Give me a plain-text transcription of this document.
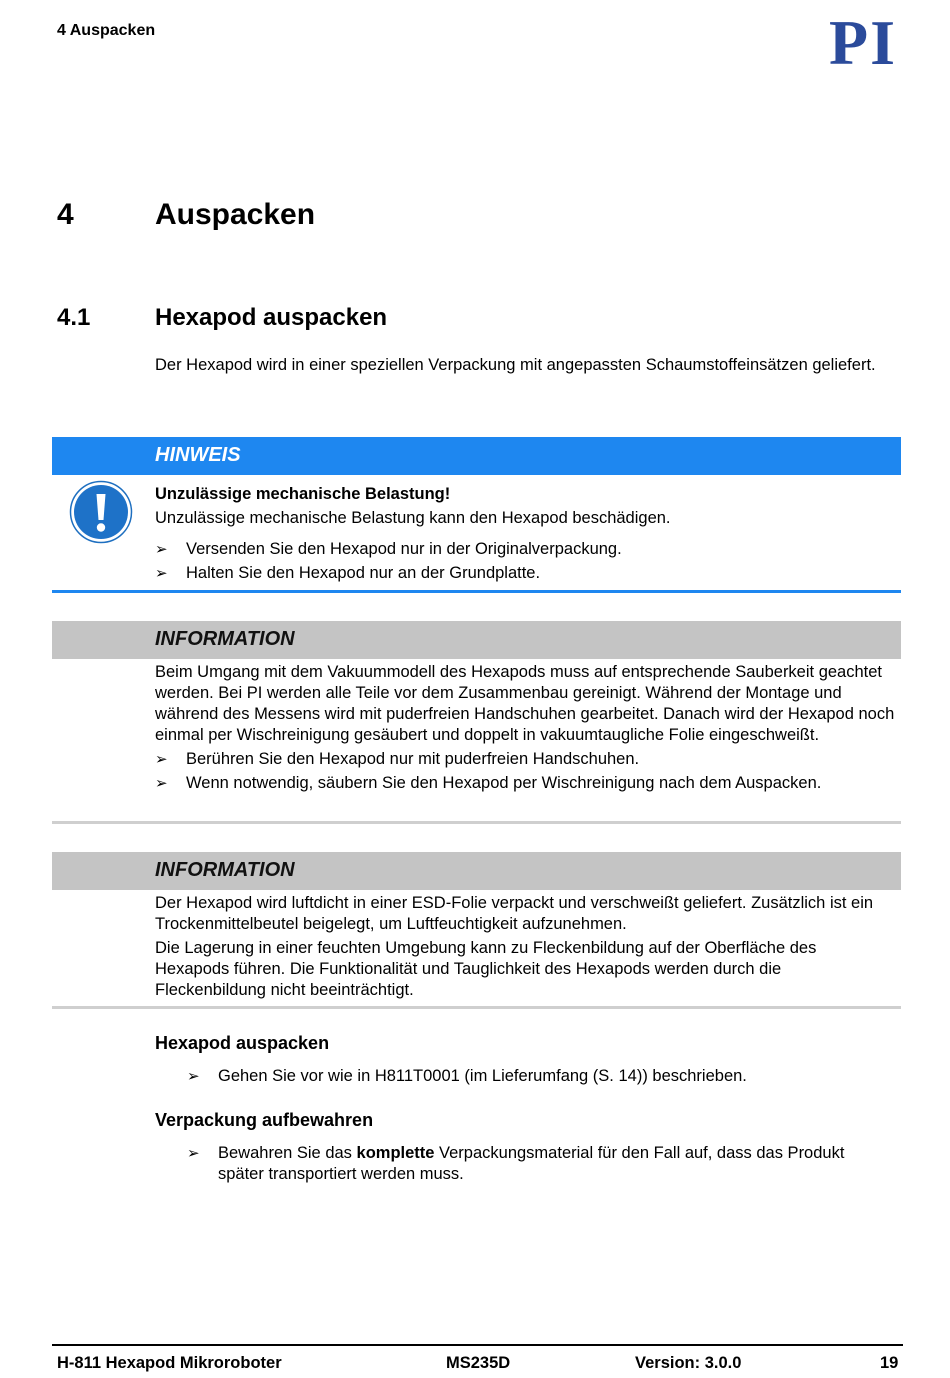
4 Auspacken	PI
4	Auspacken
4.1	Hexapod auspacken
Der Hexapod wird in einer speziellen Verpackung mit angepassten Schaumstoffeinsätzen geliefert.
HINWEIS
Unzulässige mechanische Belastung!
Unzulässige mechanische Belastung kann den Hexapod beschädigen.
➢	Versenden Sie den Hexapod nur in der Originalverpackung.
➢	Halten Sie den Hexapod nur an der Grundplatte.
INFORMATION
Beim Umgang mit dem Vakuummodell des Hexapods muss auf entsprechende Sauberkeit geachtet werden. Bei PI werden alle Teile vor dem Zusammenbau gereinigt. Während der Montage und während des Messens wird mit puderfreien Handschuhen gearbeitet. Danach wird der Hexapod noch einmal per Wischreinigung gesäubert und doppelt in vakuumtaugliche Folie eingeschweißt.
➢	Berühren Sie den Hexapod nur mit puderfreien Handschuhen.
➢	Wenn notwendig, säubern Sie den Hexapod per Wischreinigung nach dem Auspacken.
INFORMATION
Der Hexapod wird luftdicht in einer ESD-Folie verpackt und verschweißt geliefert. Zusätzlich ist ein Trockenmittelbeutel beigelegt, um Luftfeuchtigkeit aufzunehmen.
Die Lagerung in einer feuchten Umgebung kann zu Fleckenbildung auf der Oberfläche des Hexapods führen. Die Funktionalität und Tauglichkeit des Hexapods werden durch die Fleckenbildung nicht beeinträchtigt.
Hexapod auspacken
➢	Gehen Sie vor wie in H811T0001 (im Lieferumfang (S. 14)) beschrieben.
Verpackung aufbewahren
➢	Bewahren Sie das komplette Verpackungsmaterial für den Fall auf, dass das Produkt später transportiert werden muss.
H-811 Hexapod Mikroroboter	MS235D	Version: 3.0.0	19
